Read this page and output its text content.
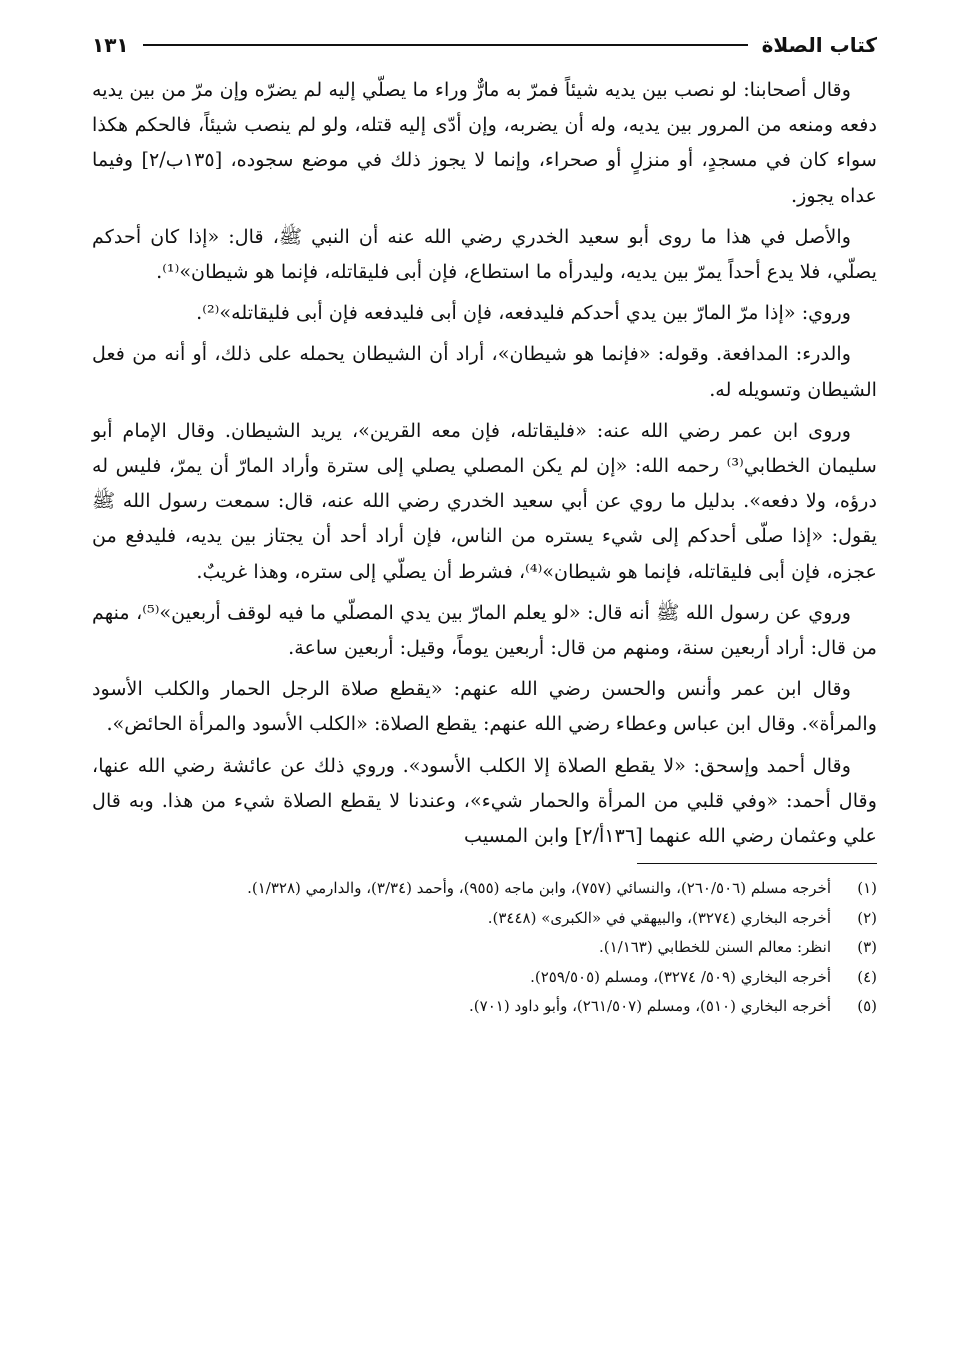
كتاب الصلاة
١٣١

وقال أصحابنا: لو نصب بين يديه شيئاً فمرّ به مارٌّ وراء ما يصلّي إليه لم يضرّه وإن مرّ من بين يديه دفعه ومنعه من المرور بين يديه، وله أن يضربه، وإن أدّى إليه قتله، ولو لم ينصب شيئاً، فالحكم هكذا سواء كان في مسجدٍ، أو منزلٍ أو صحراء، وإنما لا يجوز ذلك في موضع سجوده، [١٣٥ب/٢] وفيما عداه يجوز.

والأصل في هذا ما روى أبو سعيد الخدري رضي الله عنه أن النبي ﷺ، قال: «إذا كان أحدكم يصلّي، فلا يدع أحداً يمرّ بين يديه، وليدرأه ما استطاع، فإن أبى فليقاتله، فإنما هو شيطان»⁽¹⁾.

وروي: «إذا مرّ المارّ بين يدي أحدكم فليدفعه، فإن أبى فليدفعه فإن أبى فليقاتله»⁽²⁾.

والدرء: المدافعة. وقوله: «فإنما هو شيطان»، أراد أن الشيطان يحمله على ذلك، أو أنه من فعل الشيطان وتسويله له.

وروى ابن عمر رضي الله عنه: «فليقاتله، فإن معه القرين»، يريد الشيطان. وقال الإمام أبو سليمان الخطابي⁽³⁾ رحمه الله: «إن لم يكن المصلي يصلي إلى سترة وأراد المارّ أن يمرّ، فليس له درؤه، ولا دفعه». بدليل ما روي عن أبي سعيد الخدري رضي الله عنه، قال: سمعت رسول الله ﷺ يقول: «إذا صلّى أحدكم إلى شيء يستره من الناس، فإن أراد أحد أن يجتاز بين يديه، فليدفع من عجزه، فإن أبى فليقاتله، فإنما هو شيطان»⁽⁴⁾، فشرط أن يصلّي إلى ستره، وهذا غريبٌ.

وروي عن رسول الله ﷺ أنه قال: «لو يعلم المارّ بين يدي المصلّي ما فيه لوقف أربعين»⁽⁵⁾، منهم من قال: أراد أربعين سنة، ومنهم من قال: أربعين يوماً، وقيل: أربعين ساعة.

وقال ابن عمر وأنس والحسن رضي الله عنهم: «يقطع صلاة الرجل الحمار والكلب الأسود والمرأة». وقال ابن عباس وعطاء رضي الله عنهم: يقطع الصلاة: «الكلب الأسود والمرأة الحائض».

وقال أحمد وإسحق: «لا يقطع الصلاة إلا الكلب الأسود». وروي ذلك عن عائشة رضي الله عنها، وقال أحمد: «وفي قلبي من المرأة والحمار شيء»، وعندنا لا يقطع الصلاة شيء من هذا. وبه قال علي وعثمان رضي الله عنهما [١٣٦أ/٢] وابن المسيب

(١)
أخرجه مسلم (٢٦٠/٥٠٦)، والنسائي (٧٥٧)، وابن ماجه (٩٥٥)، وأحمد (٣/٣٤)، والدارمي (١/٣٢٨).
(٢)
أخرجه البخاري (٣٢٧٤)، والبيهقي في «الكبرى» (٣٤٤٨).
(٣)
انظر: معالم السنن للخطابي (١/١٦٣).
(٤)
أخرجه البخاري (٥٠٩/ ٣٢٧٤)، ومسلم (٢٥٩/٥٠٥).
(٥)
أخرجه البخاري (٥١٠)، ومسلم (٢٦١/٥٠٧)، وأبو داود (٧٠١).
